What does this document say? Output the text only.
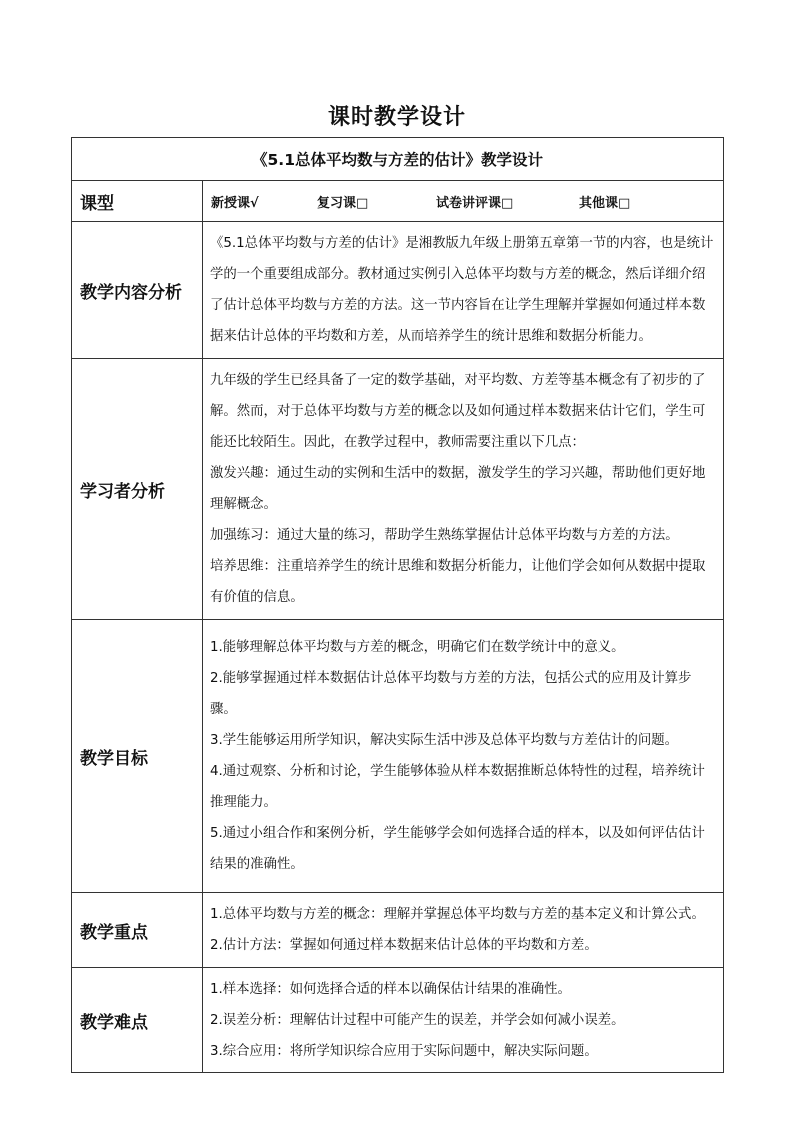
课时教学设计
《5.1总体平均数与方差的估计》教学设计	
课型	新授课√ 复习课□ 试卷讲评课□ 其他课□

教学内容分析	《5.1总体平均数与方差的估计》是湘教版九年级上册第五章第一节的内容，也是统计学的一个重要组成部分。教材通过实例引入总体平均数与方差的概念，然后详细介绍了估计总体平均数与方差的方法。这一节内容旨在让学生理解并掌握如何通过样本数据来估计总体的平均数和方差，从而培养学生的统计思维和数据分析能力。

学习者分析	九年级的学生已经具备了一定的数学基础，对平均数、方差等基本概念有了初步的了解。然而，对于总体平均数与方差的概念以及如何通过样本数据来估计它们，学生可能还比较陌生。因此，在教学过程中，教师需要注重以下几点：

激发兴趣：通过生动的实例和生活中的数据，激发学生的学习兴趣，帮助他们更好地理解概念。

加强练习：通过大量的练习，帮助学生熟练掌握估计总体平均数与方差的方法。

培养思维：注重培养学生的统计思维和数据分析能力，让他们学会如何从数据中提取有价值的信息。

教学目标	1.能够理解总体平均数与方差的概念，明确它们在数学统计中的意义。

2.能够掌握通过样本数据估计总体平均数与方差的方法，包括公式的应用及计算步骤。

3.学生能够运用所学知识，解决实际生活中涉及总体平均数与方差估计的问题。

4.通过观察、分析和讨论，学生能够体验从样本数据推断总体特性的过程，培养统计推理能力。

5.通过小组合作和案例分析，学生能够学会如何选择合适的样本，以及如何评估估计结果的准确性。

教学重点	1.总体平均数与方差的概念：理解并掌握总体平均数与方差的基本定义和计算公式。

2.估计方法：掌握如何通过样本数据来估计总体的平均数和方差。

教学难点	1.样本选择：如何选择合适的样本以确保估计结果的准确性。

2.误差分析：理解估计过程中可能产生的误差，并学会如何减小误差。

3.综合应用：将所学知识综合应用于实际问题中，解决实际问题。
